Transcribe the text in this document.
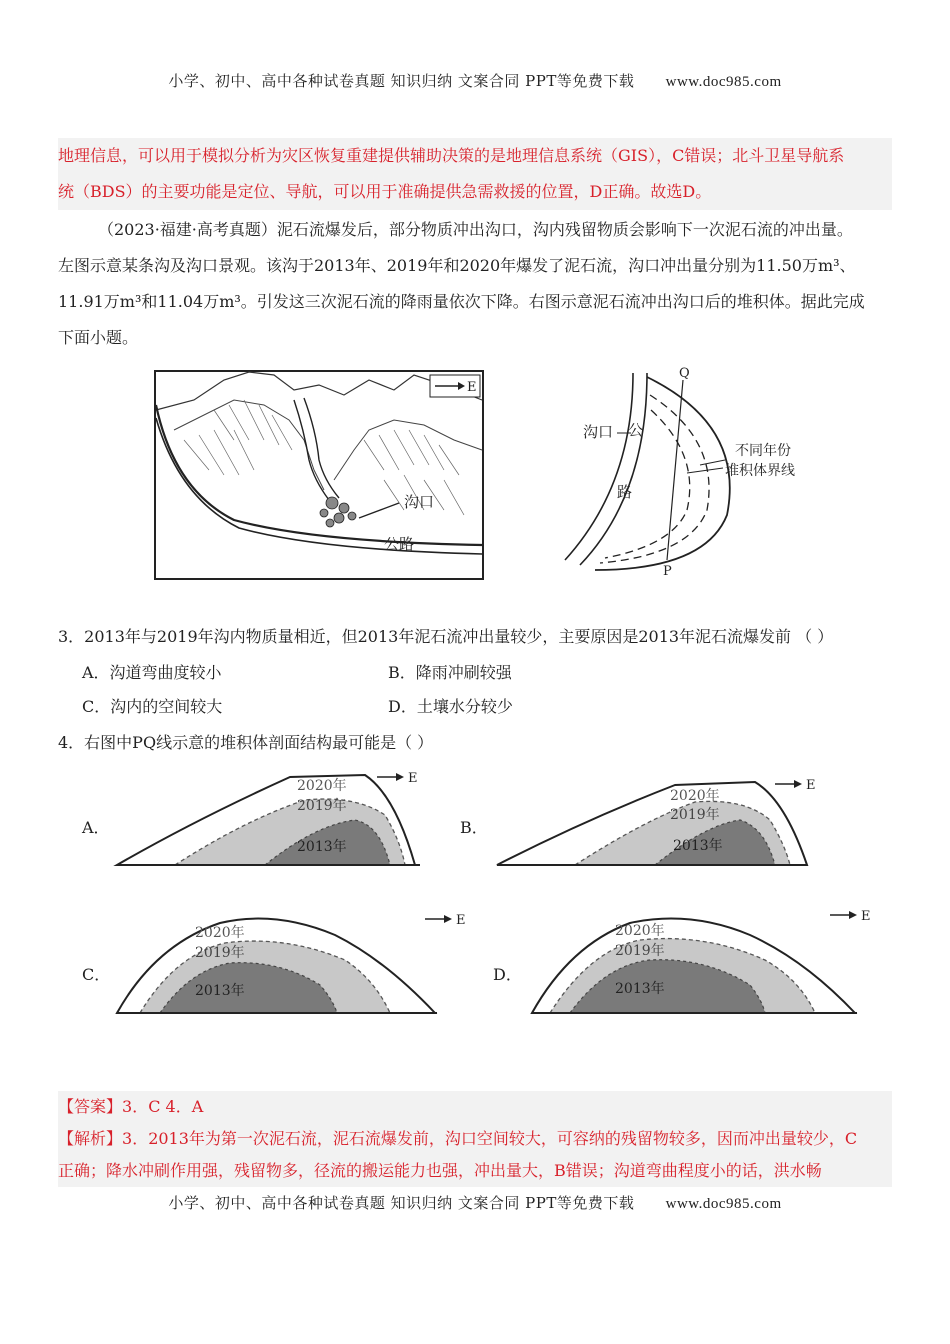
小学、初中、高中各种试卷真题 知识归纳 文案合同 PPT等免费下载 www.doc985.com
地理信息，可以用于模拟分析为灾区恢复重建提供辅助决策的是地理信息系统（GIS），C错误；北斗卫星导航系
统（BDS）的主要功能是定位、导航，可以用于准确提供急需救援的位置，D正确。故选D。
（2023·福建·高考真题）泥石流爆发后，部分物质冲出沟口，沟内残留物质会影响下一次泥石流的冲出量。
左图示意某条沟及沟口景观。该沟于2013年、2019年和2020年爆发了泥石流，沟口冲出量分别为11.50万m³、
11.91万m³和11.04万m³。引发这三次泥石流的降雨量依次下降。右图示意泥石流冲出沟口后的堆积体。据此完成
下面小题。
沟口
公路
E
Q
P
公
路
沟口
不同年份
堆积体界线
3．2013年与2019年沟内物质量相近，但2013年泥石流冲出量较少，主要原因是2013年泥石流爆发前 （ ）
A．沟道弯曲度较小	B．降雨冲刷较强
C．沟内的空间较大	D．土壤水分较少
4．右图中PQ线示意的堆积体剖面结构最可能是（ ）
A．
2020年
2019年
2013年
E
B．
2020年
2019年
2013年
E
C．
2020年
2019年
2013年
E
D．
2020年
2019年
2013年
E
【答案】3．C 4．A
【解析】3．2013年为第一次泥石流，泥石流爆发前，沟口空间较大，可容纳的残留物较多，因而冲出量较少，C
正确；降水冲刷作用强，残留物多，径流的搬运能力也强，冲出量大，B错误；沟道弯曲程度小的话，洪水畅
小学、初中、高中各种试卷真题 知识归纳 文案合同 PPT等免费下载 www.doc985.com
